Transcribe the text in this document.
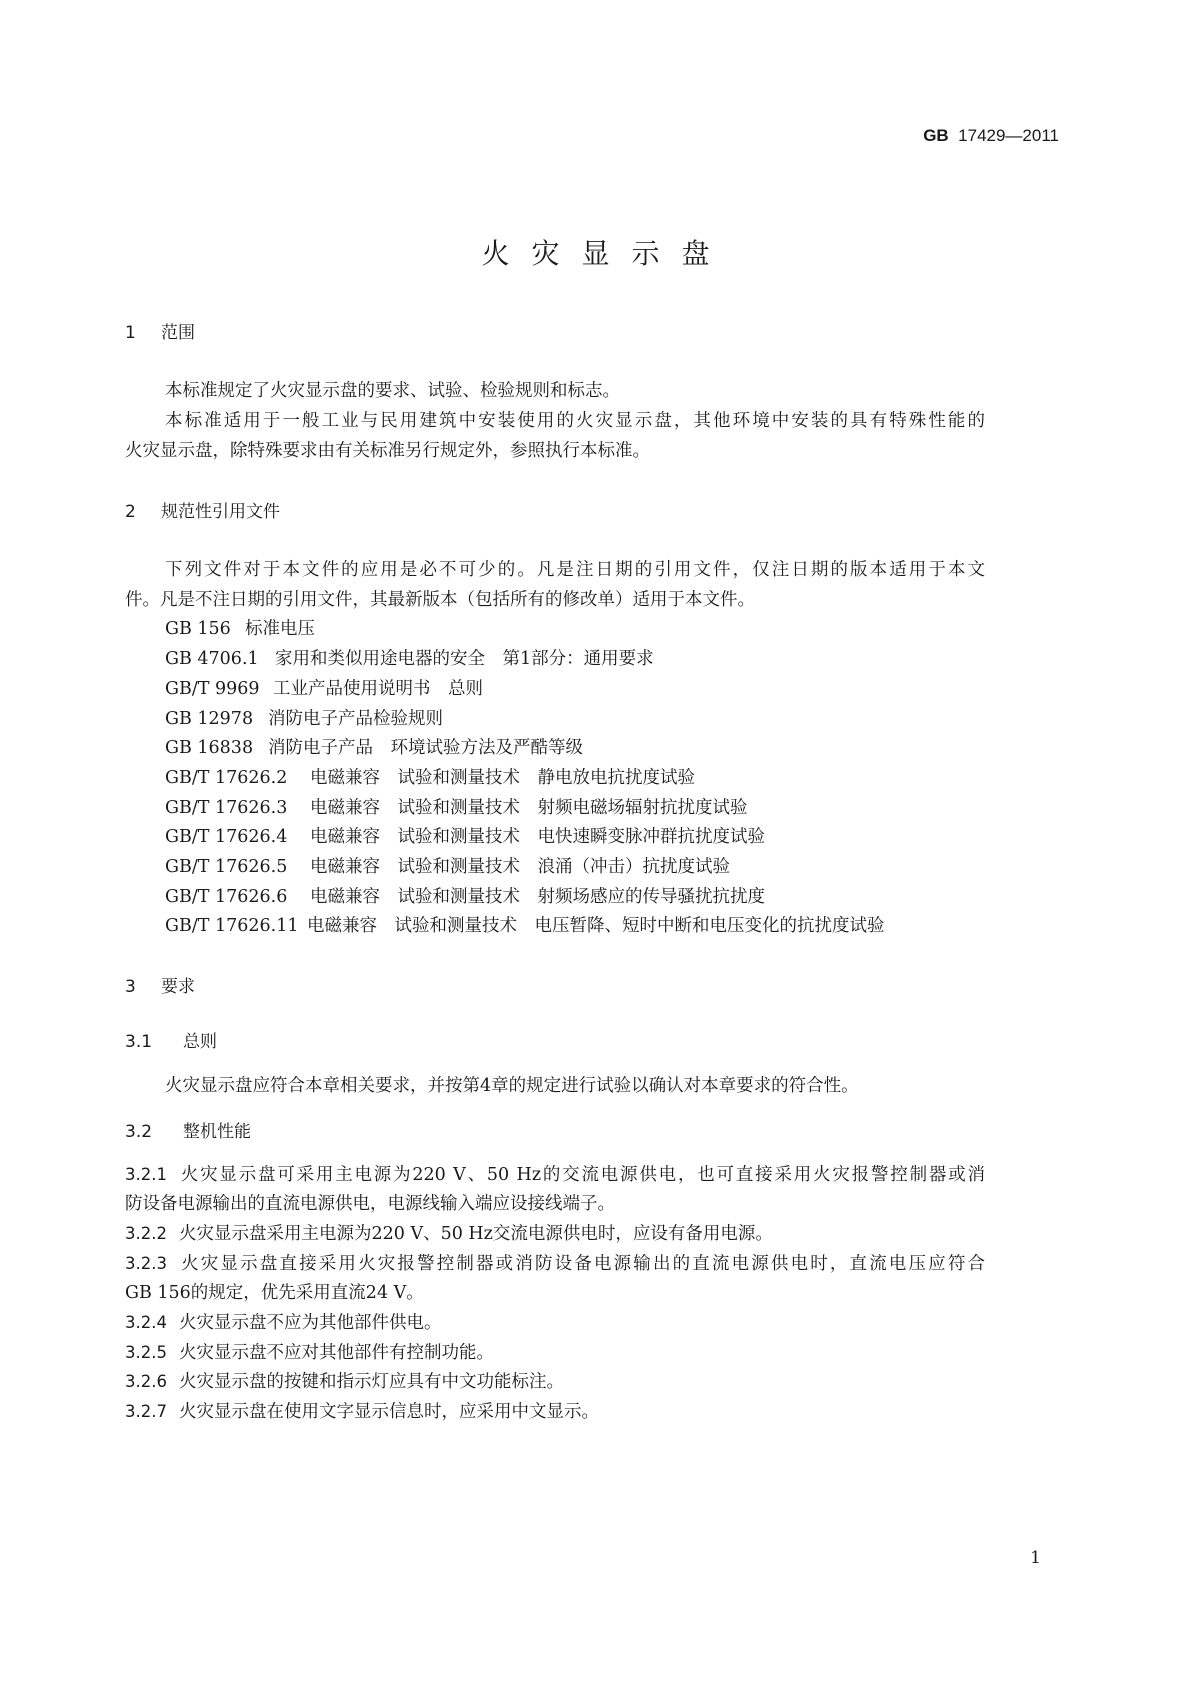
GB 17429—2011
火灾显示盘
1 范围
本标准规定了火灾显示盘的要求、试验、检验规则和标志。
本标准适用于一般工业与民用建筑中安装使用的火灾显示盘，其他环境中安装的具有特殊性能的
火灾显示盘，除特殊要求由有关标准另行规定外，参照执行本标准。
2 规范性引用文件
下列文件对于本文件的应用是必不可少的。凡是注日期的引用文件，仅注日期的版本适用于本文
件。凡是不注日期的引用文件，其最新版本（包括所有的修改单）适用于本文件。
GB 156 标准电压
GB 4706.1 家用和类似用途电器的安全　第1部分：通用要求
GB/T 9969 工业产品使用说明书　总则
GB 12978 消防电子产品检验规则
GB 16838 消防电子产品　环境试验方法及严酷等级
GB/T 17626.2 电磁兼容　试验和测量技术　静电放电抗扰度试验
GB/T 17626.3 电磁兼容　试验和测量技术　射频电磁场辐射抗扰度试验
GB/T 17626.4 电磁兼容　试验和测量技术　电快速瞬变脉冲群抗扰度试验
GB/T 17626.5 电磁兼容　试验和测量技术　浪涌（冲击）抗扰度试验
GB/T 17626.6 电磁兼容　试验和测量技术　射频场感应的传导骚扰抗扰度
GB/T 17626.11 电磁兼容　试验和测量技术　电压暂降、短时中断和电压变化的抗扰度试验
3 要求
3.1 总则
火灾显示盘应符合本章相关要求，并按第4章的规定进行试验以确认对本章要求的符合性。
3.2 整机性能
3.2.1 火灾显示盘可采用主电源为220 V、50 Hz的交流电源供电，也可直接采用火灾报警控制器或消
防设备电源输出的直流电源供电，电源线输入端应设接线端子。
3.2.2 火灾显示盘采用主电源为220 V、50 Hz交流电源供电时，应设有备用电源。
3.2.3 火灾显示盘直接采用火灾报警控制器或消防设备电源输出的直流电源供电时，直流电压应符合
GB 156的规定，优先采用直流24 V。
3.2.4 火灾显示盘不应为其他部件供电。
3.2.5 火灾显示盘不应对其他部件有控制功能。
3.2.6 火灾显示盘的按键和指示灯应具有中文功能标注。
3.2.7 火灾显示盘在使用文字显示信息时，应采用中文显示。
1
